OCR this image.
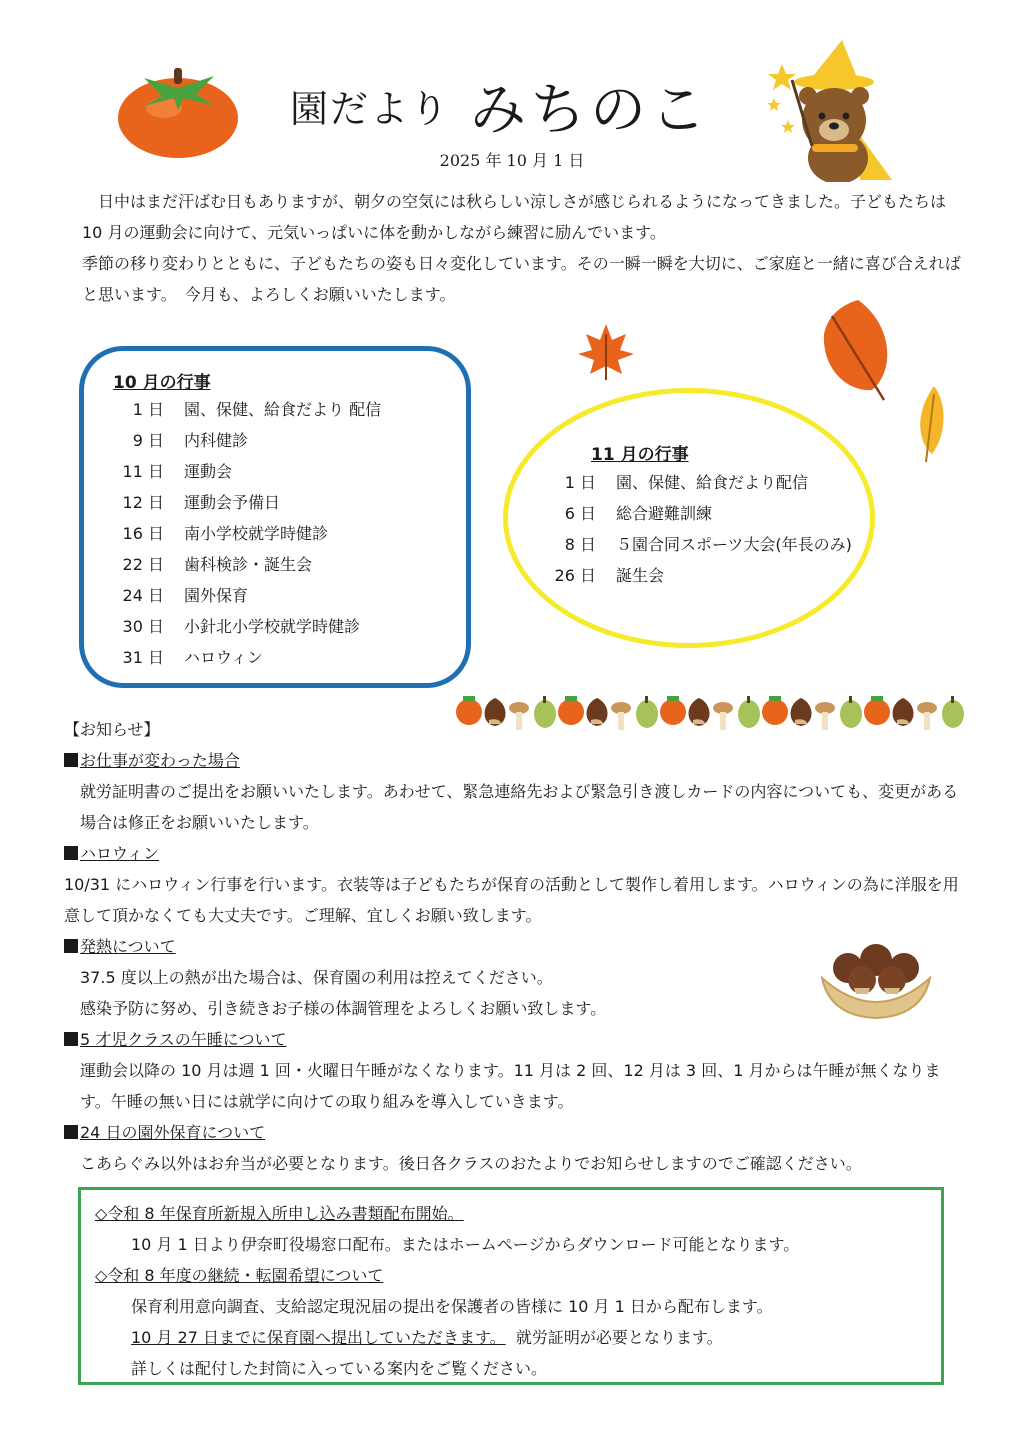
園だより みちのこ
2025 年 10 月 1 日

日中はまだ汗ばむ日もありますが、朝夕の空気には秋らしい涼しさが感じられるようになってきました。子どもたちは 10 月の運動会に向けて、元気いっぱいに体を動かしながら練習に励んでいます。

季節の移り変わりとともに、子どもたちの姿も日々変化しています。その一瞬一瞬を大切に、ご家庭と一緒に喜び合えればと思います。　今月も、よろしくお願いいたします。

10 月の行事
1 日 園、保健、給食だより 配信
9 日 内科健診
11 日 運動会
12 日 運動会予備日
16 日 南小学校就学時健診
22 日 歯科検診・誕生会
24 日 園外保育
30 日 小針北小学校就学時健診
31 日 ハロウィン
11 月の行事
1 日 園、保健、給食だより配信
6 日 総合避難訓練
8 日 ５園合同スポーツ大会(年長のみ)
26 日 誕生会

【お知らせ】

お仕事が変わった場合

就労証明書のご提出をお願いいたします。あわせて、緊急連絡先および緊急引き渡しカードの内容についても、変更がある場合は修正をお願いいたします。

ハロウィン

10/31 にハロウィン行事を行います。衣装等は子どもたちが保育の活動として製作し着用します。ハロウィンの為に洋服を用意して頂かなくても大丈夫です。ご理解、宜しくお願い致します。

発熱について

37.5 度以上の熱が出た場合は、保育園の利用は控えてください。

感染予防に努め、引き続きお子様の体調管理をよろしくお願い致します。

5 才児クラスの午睡について

運動会以降の 10 月は週 1 回・火曜日午睡がなくなります。11 月は 2 回、12 月は 3 回、1 月からは午睡が無くなります。午睡の無い日には就学に向けての取り組みを導入していきます。

24 日の園外保育について

こあらぐみ以外はお弁当が必要となります。後日各クラスのおたよりでお知らせしますのでご確認ください。

◇令和 8 年保育所新規入所申し込み書類配布開始。

10 月 1 日より伊奈町役場窓口配布。またはホームページからダウンロード可能となります。

◇令和 8 年度の継続・転園希望について

保育利用意向調査、支給認定現況届の提出を保護者の皆様に 10 月 1 日から配布します。

10 月 27 日までに保育園へ提出していただきます。 就労証明が必要となります。

詳しくは配付した封筒に入っている案内をご覧ください。
